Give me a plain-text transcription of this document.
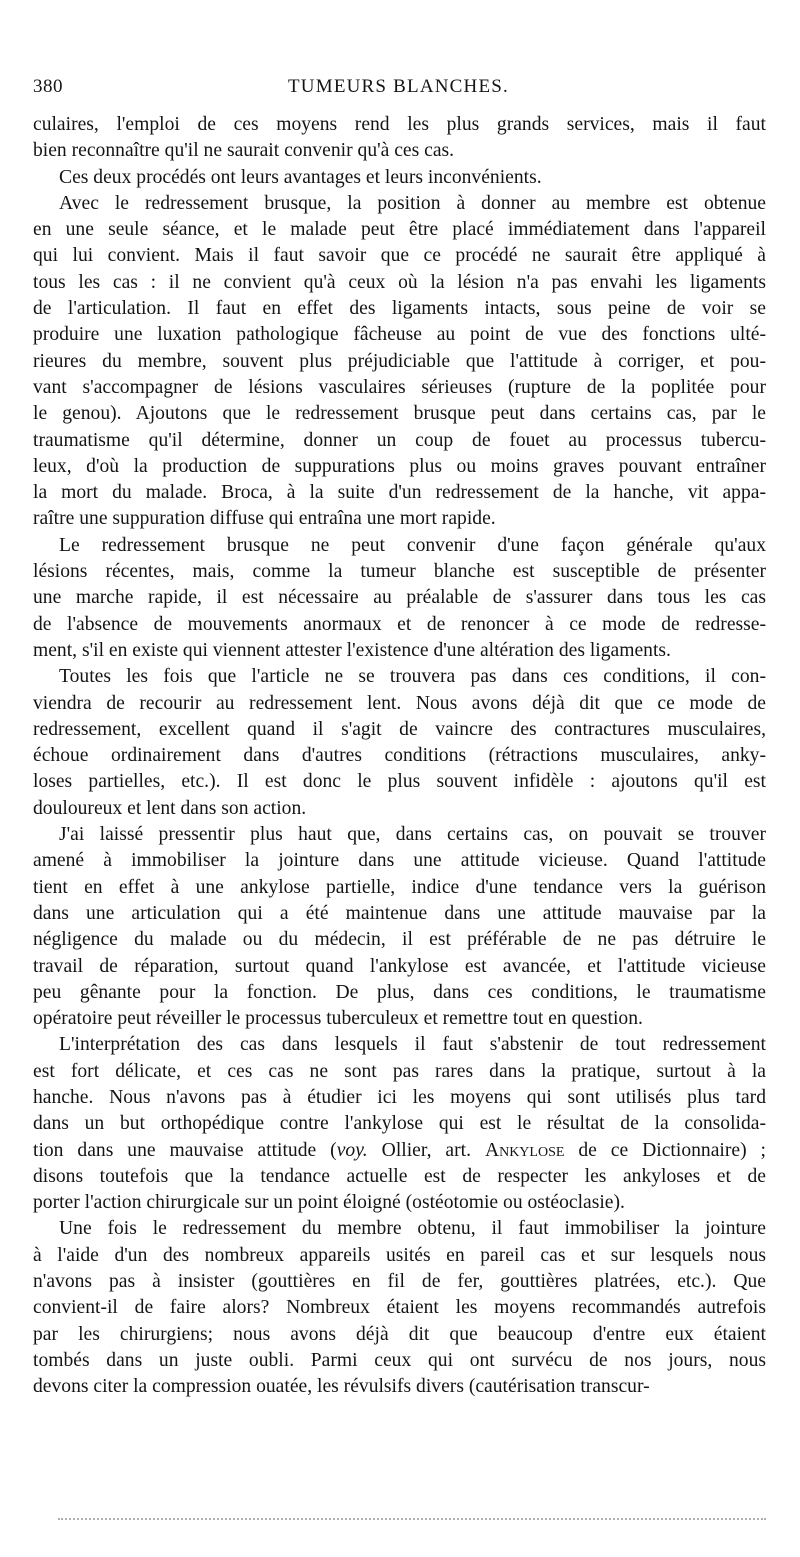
380	TUMEURS BLANCHES.
culaires, l'emploi de ces moyens rend les plus grands services, mais il faut
bien reconnaître qu'il ne saurait convenir qu'à ces cas.
Ces deux procédés ont leurs avantages et leurs inconvénients.
Avec le redressement brusque, la position à donner au membre est obtenue
en une seule séance, et le malade peut être placé immédiatement dans l'appareil
qui lui convient. Mais il faut savoir que ce procédé ne saurait être appliqué à
tous les cas : il ne convient qu'à ceux où la lésion n'a pas envahi les ligaments
de l'articulation. Il faut en effet des ligaments intacts, sous peine de voir se
produire une luxation pathologique fâcheuse au point de vue des fonctions ulté-
rieures du membre, souvent plus préjudiciable que l'attitude à corriger, et pou-
vant s'accompagner de lésions vasculaires sérieuses (rupture de la poplitée pour
le genou). Ajoutons que le redressement brusque peut dans certains cas, par le
traumatisme qu'il détermine, donner un coup de fouet au processus tubercu-
leux, d'où la production de suppurations plus ou moins graves pouvant entraîner
la mort du malade. Broca, à la suite d'un redressement de la hanche, vit appa-
raître une suppuration diffuse qui entraîna une mort rapide.
Le redressement brusque ne peut convenir d'une façon générale qu'aux
lésions récentes, mais, comme la tumeur blanche est susceptible de présenter
une marche rapide, il est nécessaire au préalable de s'assurer dans tous les cas
de l'absence de mouvements anormaux et de renoncer à ce mode de redresse-
ment, s'il en existe qui viennent attester l'existence d'une altération des ligaments.
Toutes les fois que l'article ne se trouvera pas dans ces conditions, il con-
viendra de recourir au redressement lent. Nous avons déjà dit que ce mode de
redressement, excellent quand il s'agit de vaincre des contractures musculaires,
échoue ordinairement dans d'autres conditions (rétractions musculaires, anky-
loses partielles, etc.). Il est donc le plus souvent infidèle : ajoutons qu'il est
douloureux et lent dans son action.
J'ai laissé pressentir plus haut que, dans certains cas, on pouvait se trouver
amené à immobiliser la jointure dans une attitude vicieuse. Quand l'attitude
tient en effet à une ankylose partielle, indice d'une tendance vers la guérison
dans une articulation qui a été maintenue dans une attitude mauvaise par la
négligence du malade ou du médecin, il est préférable de ne pas détruire le
travail de réparation, surtout quand l'ankylose est avancée, et l'attitude vicieuse
peu gênante pour la fonction. De plus, dans ces conditions, le traumatisme
opératoire peut réveiller le processus tuberculeux et remettre tout en question.
L'interprétation des cas dans lesquels il faut s'abstenir de tout redressement
est fort délicate, et ces cas ne sont pas rares dans la pratique, surtout à la
hanche. Nous n'avons pas à étudier ici les moyens qui sont utilisés plus tard
dans un but orthopédique contre l'ankylose qui est le résultat de la consolida-
tion dans une mauvaise attitude (voy. Ollier, art. Ankylose de ce Dictionnaire) ;
disons toutefois que la tendance actuelle est de respecter les ankyloses et de
porter l'action chirurgicale sur un point éloigné (ostéotomie ou ostéoclasie).
Une fois le redressement du membre obtenu, il faut immobiliser la jointure
à l'aide d'un des nombreux appareils usités en pareil cas et sur lesquels nous
n'avons pas à insister (gouttières en fil de fer, gouttières platrées, etc.). Que
convient-il de faire alors? Nombreux étaient les moyens recommandés autrefois
par les chirurgiens; nous avons déjà dit que beaucoup d'entre eux étaient
tombés dans un juste oubli. Parmi ceux qui ont survécu de nos jours, nous
devons citer la compression ouatée, les révulsifs divers (cautérisation transcur-
